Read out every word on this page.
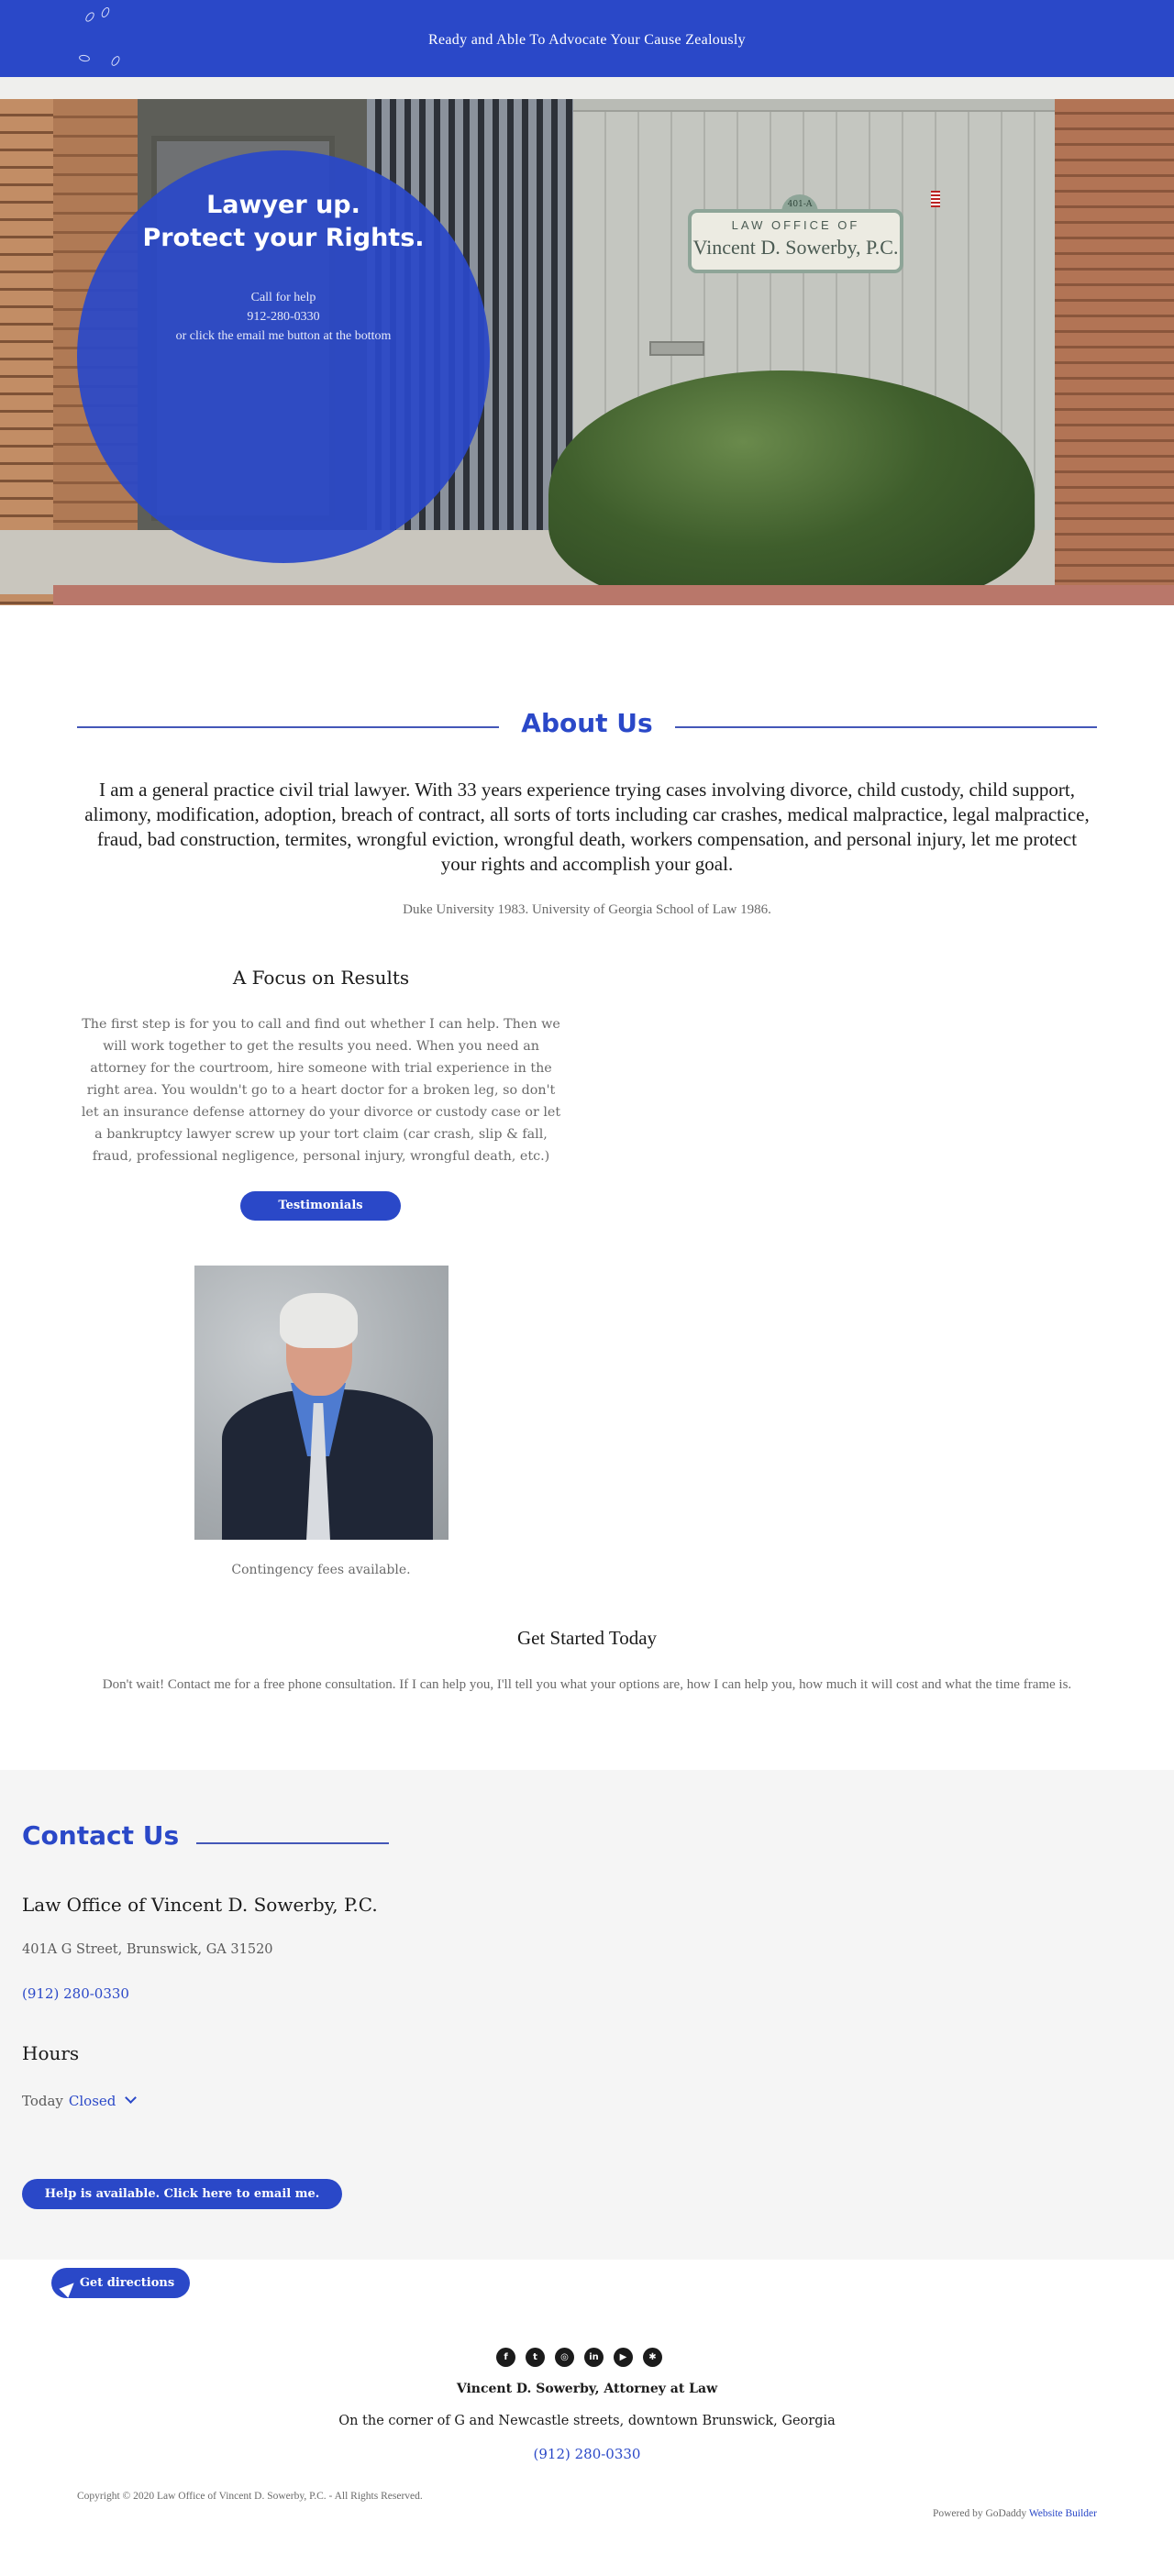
Ready and Able To Advocate Your Cause Zealously
401-A
LAW OFFICE OF
Vincent D. Sowerby, P.C.
Lawyer up.
Protect your Rights.
Call for help
912-280-0330
or click the email me button at the bottom
About Us
I am a general practice civil trial lawyer. With 33 years experience trying cases involving divorce, child custody, child support, alimony, modification, adoption, breach of contract, all sorts of torts including car crashes, medical malpractice, legal malpractice, fraud, bad construction, termites, wrongful eviction, wrongful death, workers compensation, and personal injury, let me protect your rights and accomplish your goal.
Duke University 1983. University of Georgia School of Law 1986.
A Focus on Results
The first step is for you to call and find out whether I can help. Then we will work together to get the results you need. When you need an attorney for the courtroom, hire someone with trial experience in the right area. You wouldn't go to a heart doctor for a broken leg, so don't let an insurance defense attorney do your divorce or custody case or let a bankruptcy lawyer screw up your tort claim (car crash, slip & fall, fraud, professional negligence, personal injury, wrongful death, etc.)
Testimonials
Contingency fees available.
Get Started Today
Don't wait! Contact me for a free phone consultation. If I can help you, I'll tell you what your options are, how I can help you, how much it will cost and what the time frame is.
Contact Us
Law Office of Vincent D. Sowerby, P.C.
401A G Street, Brunswick, GA 31520
(912) 280-0330
Hours
Today Closed
Help is available. Click here to email me.
Get directions
f	t	◎	in	▶	✱
Vincent D. Sowerby, Attorney at Law
On the corner of G and Newcastle streets, downtown Brunswick, Georgia
(912) 280-0330
Copyright © 2020 Law Office of Vincent D. Sowerby, P.C. - All Rights Reserved.
Powered by GoDaddy Website Builder
